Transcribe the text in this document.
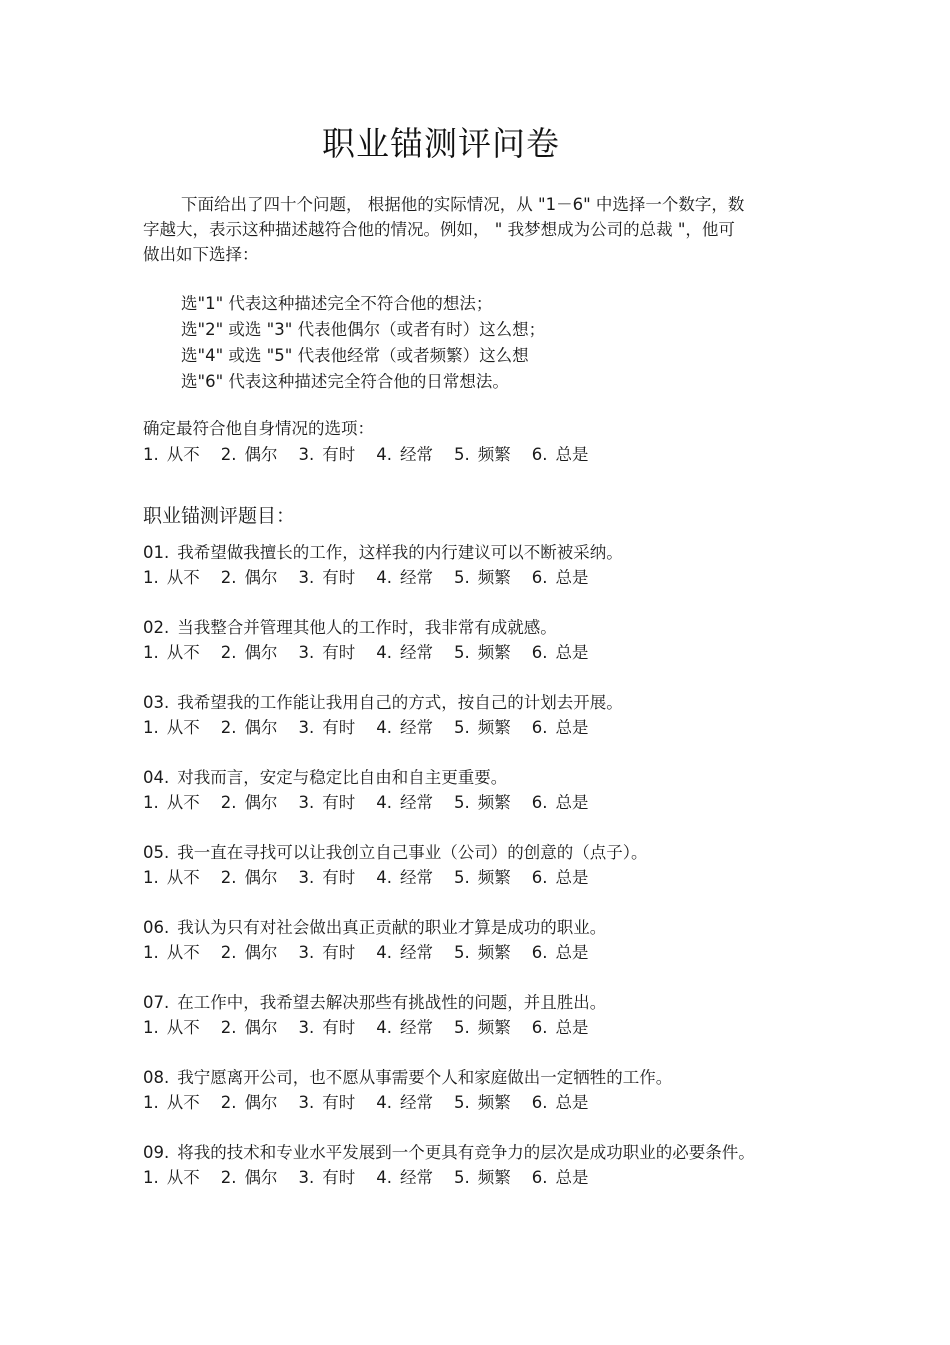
职业锚测评问卷

下面给出了四十个问题， 根据他的实际情况，从 "1－6" 中选择一个数字，数

字越大，表示这种描述越符合他的情况。例如， " 我梦想成为公司的总裁 "，他可

做出如下选择：

选"1" 代表这种描述完全不符合他的想法；
选"2" 或选 "3" 代表他偶尔（或者有时）这么想；
选"4" 或选 "5" 代表他经常（或者频繁）这么想
选"6" 代表这种描述完全符合他的日常想法。
确定最符合他自身情况的选项：
1. 从不 2. 偶尔 3. 有时 4. 经常 5. 频繁 6. 总是
职业锚测评题目：
01. 我希望做我擅长的工作，这样我的内行建议可以不断被采纳。
1. 从不 2. 偶尔 3. 有时 4. 经常 5. 频繁 6. 总是
02. 当我整合并管理其他人的工作时，我非常有成就感。
1. 从不 2. 偶尔 3. 有时 4. 经常 5. 频繁 6. 总是
03. 我希望我的工作能让我用自己的方式，按自己的计划去开展。
1. 从不 2. 偶尔 3. 有时 4. 经常 5. 频繁 6. 总是
04. 对我而言，安定与稳定比自由和自主更重要。
1. 从不 2. 偶尔 3. 有时 4. 经常 5. 频繁 6. 总是
05. 我一直在寻找可以让我创立自己事业（公司）的创意的（点子）。
1. 从不 2. 偶尔 3. 有时 4. 经常 5. 频繁 6. 总是
06. 我认为只有对社会做出真正贡献的职业才算是成功的职业。
1. 从不 2. 偶尔 3. 有时 4. 经常 5. 频繁 6. 总是
07. 在工作中，我希望去解决那些有挑战性的问题，并且胜出。
1. 从不 2. 偶尔 3. 有时 4. 经常 5. 频繁 6. 总是
08. 我宁愿离开公司，也不愿从事需要个人和家庭做出一定牺牲的工作。
1. 从不 2. 偶尔 3. 有时 4. 经常 5. 频繁 6. 总是
09. 将我的技术和专业水平发展到一个更具有竞争力的层次是成功职业的必要条件。
1. 从不 2. 偶尔 3. 有时 4. 经常 5. 频繁 6. 总是
